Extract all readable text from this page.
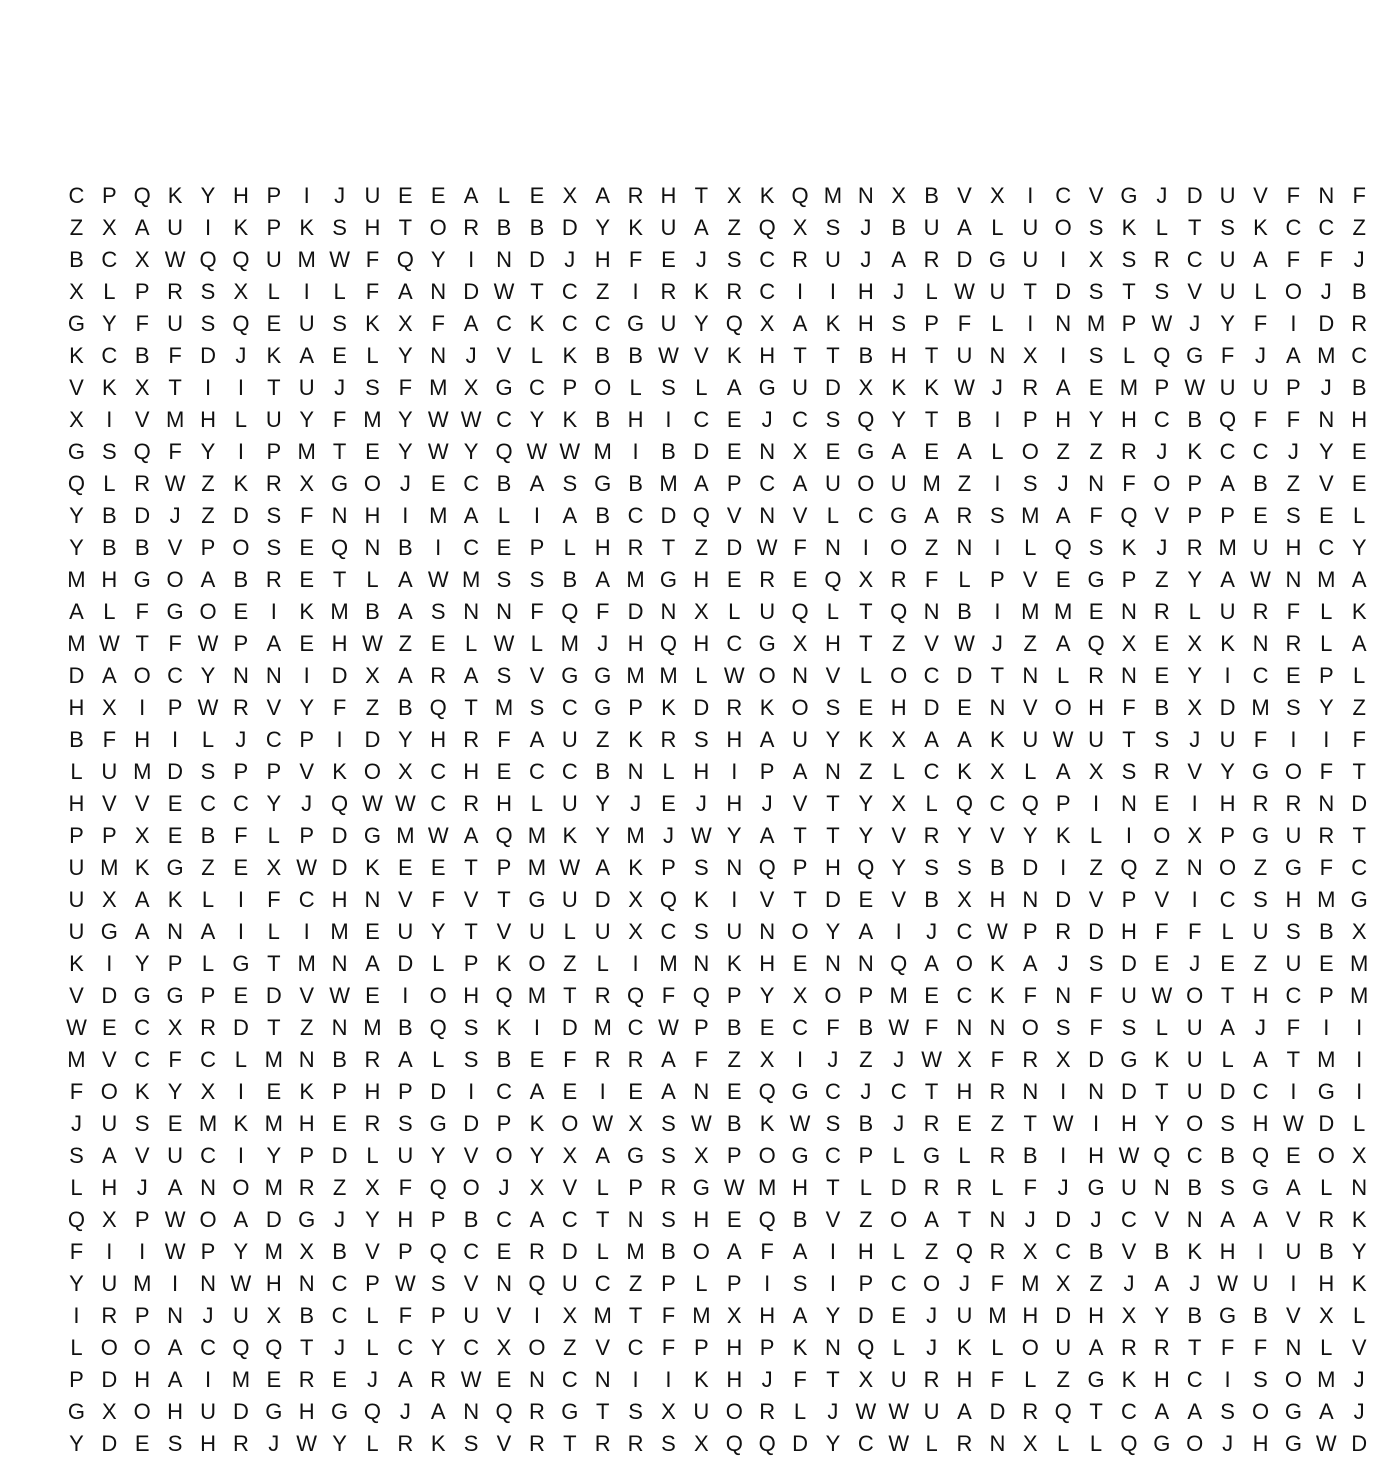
C P Q K Y H P	I	J U E E A L E X A R H T X K Q M N X B V X	I C V G J D U V F N F
Z X A U I	K P K S H T O R B B D Y K U A Z Q X S J B U A L U O S K L T S K C C Z
B C X W Q Q U M W F Q Y	I N D J H F E J S C R U J A R D G U I	X S R C U A F F J
X L P R S X L	I	L F A N D W T C Z	I R K R C I	I H J L W U T D S T S V U L O J B
G Y F U S Q E U S K X F A C K C C G U Y Q X A K H S P F L	I N M P W J Y F	I D R
K C B F D J K A E L Y N J V L K B B W V K H T T B H T U N X	I	S L Q G F J A M C
V K X T	I	I	T U J S F M X G C P O L S L A G U D X K K W J R A E M P W U U P J B
X	I	V M H L U Y F M Y W W C Y K B H I C E J C S Q Y T B	I	P H Y H C B Q F F N H
G S Q F Y	I	P M T E Y W Y Q W W M I	B D E N X E G A E A L O Z Z R J K C C J Y E
Q L R W Z K R X G O J E C B A S G B M A P C A U O U M Z	I	S J N F O P A B Z V E
Y B D J Z D S F N H I M A L	I	A B C D Q V N V L C G A R S M A F Q V P P E S E L
Y B B V P O S E Q N B	I C E P L H R T Z D W F N I O Z N I	L Q S K J R M U H C Y
M H G O A B R E T L A W M S S B A M G H E R E Q X R F L P V E G P Z Y A W N M A
A L F G O E	I	K M B A S N N F Q F D N X L U Q L T Q N B	I M M E N R L U R F L K
M W T F W P A E H W Z E L W L M J H Q H C G X H T Z V W J Z A Q X E X K N R L A
D A O C Y N N I D X A R A S V G G M M L W O N V L O C D T N L R N E Y	I C E P L
H X	I	P W R V Y F Z B Q T M S C G P K D R K O S E H D E N V O H F B X D M S Y Z
B F H I	L J C P	I D Y H R F A U Z K R S H A U Y K X A A K U W U T S J U F	I	I	F
L U M D S P P V K O X C H E C C B N L H I	P A N Z L C K X L A X S R V Y G O F T
H V V E C C Y J Q W W C R H L U Y J E J H J V T Y X L Q C Q P	I N E	I H R R N D
P P X E B F L P D G M W A Q M K Y M J W Y A T T Y V R Y V Y K L	I O X P G U R T
U M K G Z E X W D K E E T P M W A K P S N Q P H Q Y S S B D I	Z Q Z N O Z G F C
U X A K L	I	F C H N V F V T G U D X Q K	I	V T D E V B X H N D V P V	I C S H M G
U G A N A	I	L	I M E U Y T V U L U X C S U N O Y A	I	J C W P R D H F F L U S B X
K	I	Y P L G T M N A D L P K O Z L	I M N K H E N N Q A O K A J S D E J E Z U E M
V D G G P E D V W E	I O H Q M T R Q F Q P Y X O P M E C K F N F U W O T H C P M
W E C X R D T Z N M B Q S K	I D M C W P B E C F B W F N N O S F S L U A J F	I	I
M V C F C L M N B R A L S B E F R R A F Z X	I	J Z J W X F R X D G K U L A T M I
F O K Y X	I	E K P H P D I C A E	I	E A N E Q G C J C T H R N I N D T U D C I G I
J U S E M K M H E R S G D P K O W X S W B K W S B J R E Z T W I H Y O S H W D L
S A V U C I	Y P D L U Y V O Y X A G S X P O G C P L G L R B	I H W Q C B Q E O X
L H J A N O M R Z X F Q O J X V L P R G W M H T L D R R L F J G U N B S G A L N
Q X P W O A D G J Y H P B C A C T N S H E Q B V Z O A T N J D J C V N A A V R K
F	I	I W P Y M X B V P Q C E R D L M B O A F A	I H L Z Q R X C B V B K H I U B Y
Y U M I N W H N C P W S V N Q U C Z P L P	I	S	I	P C O J F M X Z J A J W U I H K
I R P N J U X B C L F P U V	I	X M T F M X H A Y D E J U M H D H X Y B G B V X L
L O O A C Q Q T J L C Y C X O Z V C F P H P K N Q L J K L O U A R R T F F N L V
P D H A	I M E R E J A R W E N C N I	I	K H J F T X U R H F L Z G K H C I	S O M J
G X O H U D G H G Q J A N Q R G T S X U O R L J W W U A D R Q T C A A S O G A J
Y D E S H R J W Y L R K S V R T R R S X Q Q D Y C W L R N X L L Q G O J H G W D
